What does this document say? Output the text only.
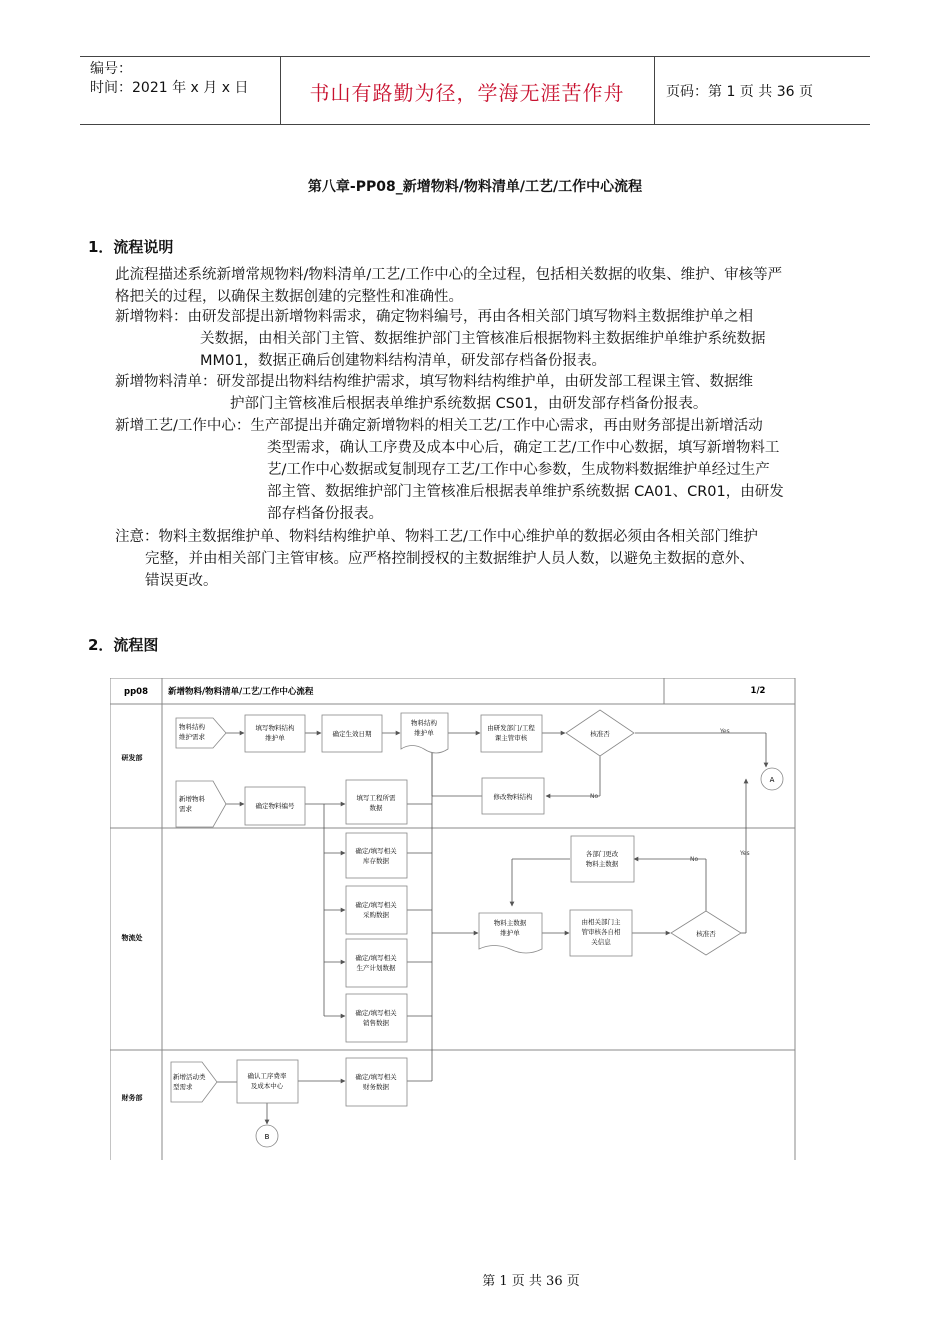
编号：
时间：2021 年 x 月 x 日	书山有路勤为径，学海无涯苦作舟	页码：第 1 页 共 36 页
第八章-PP08_新增物料/物料清单/工艺/工作中心流程
1．流程说明
此流程描述系统新增常规物料/物料清单/工艺/工作中心的全过程，包括相关数据的收集、维护、审核等严
格把关的过程，以确保主数据创建的完整性和准确性。
新增物料：由研发部提出新增物料需求，确定物料编号，再由各相关部门填写物料主数据维护单之相
关数据，由相关部门主管、数据维护部门主管核准后根据物料主数据维护单维护系统数据
MM01，数据正确后创建物料结构清单，研发部存档备份报表。
新增物料清单：研发部提出物料结构维护需求，填写物料结构维护单，由研发部工程课主管、数据维
护部门主管核准后根据表单维护系统数据 CS01，由研发部存档备份报表。
新增工艺/工作中心：生产部提出并确定新增物料的相关工艺/工作中心需求，再由财务部提出新增活动
类型需求，确认工序费及成本中心后，确定工艺/工作中心数据，填写新增物料工
艺/工作中心数据或复制现存工艺/工作中心参数，生成物料数据维护单经过生产
部主管、数据维护部门主管核准后根据表单维护系统数据 CA01、CR01，由研发
部存档备份报表。
注意：物料主数据维护单、物料结构维护单、物料工艺/工作中心维护单的数据必须由各相关部门维护
完整，并由相关部门主管审核。应严格控制授权的主数据维护人员人数，以避免主数据的意外、
错误更改。
2．流程图
pp08 新增物料/物料清单/工艺/工作中心流程	1/2
研发部
物流处
财务部
Yes
No
Yes
No
物料结构维护需求
填写物料结构维护单	确定生效日期
物料结构维护单
由研发部门/工程课主管审核	核准否
A
修改物料结构
新增物料需求	确定物料编号
填写工程所需数据
确定/填写相关库存数据
确定/填写相关采购数据
确定/填写相关生产计划数据
确定/填写相关销售数据
物料主数据维护单
由相关部门主管审核各自相关信息
核准否
各部门更改物料主数据
新增活动类型需求
确认工序费率及成本中心
B
确定/填写相关财务数据
第 1 页 共 36 页
